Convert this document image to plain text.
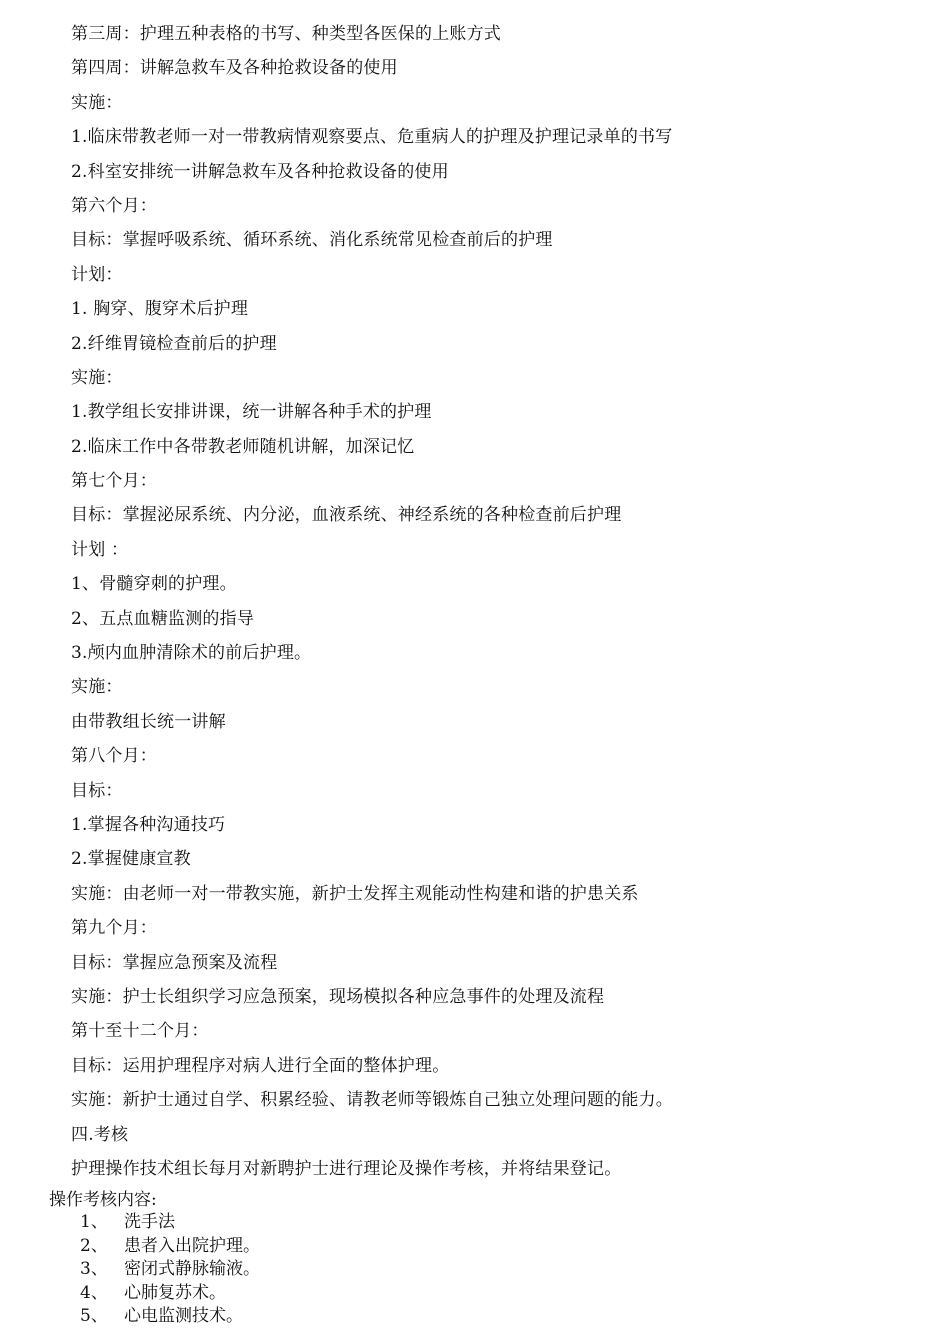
第三周：护理五种表格的书写、种类型各医保的上账方式
第四周：讲解急救车及各种抢救设备的使用
实施：
1.临床带教老师一对一带教病情观察要点、危重病人的护理及护理记录单的书写
2.科室安排统一讲解急救车及各种抢救设备的使用
第六个月：
目标：掌握呼吸系统、循环系统、消化系统常见检查前后的护理
计划：
1. 胸穿、腹穿术后护理
2.纤维胃镜检查前后的护理
实施：
1.教学组长安排讲课，统一讲解各种手术的护理
2.临床工作中各带教老师随机讲解，加深记忆
第七个月：
目标：掌握泌尿系统、内分泌，血液系统、神经系统的各种检查前后护理
计划 ：
1、骨髓穿刺的护理。
2、五点血糖监测的指导
3.颅内血肿清除术的前后护理。
实施：
由带教组长统一讲解
第八个月：
目标：
1.掌握各种沟通技巧
2.掌握健康宣教
实施：由老师一对一带教实施，新护士发挥主观能动性构建和谐的护患关系
第九个月：
目标：掌握应急预案及流程
实施：护士长组织学习应急预案，现场模拟各种应急事件的处理及流程
第十至十二个月：
目标：运用护理程序对病人进行全面的整体护理。
实施：新护士通过自学、积累经验、请教老师等锻炼自己独立处理问题的能力。
四.考核
护理操作技术组长每月对新聘护士进行理论及操作考核，并将结果登记。
操作考核内容:
1、 洗手法
2、 患者入出院护理。
3、 密闭式静脉输液。
4、 心肺复苏术。
5、 心电监测技术。
